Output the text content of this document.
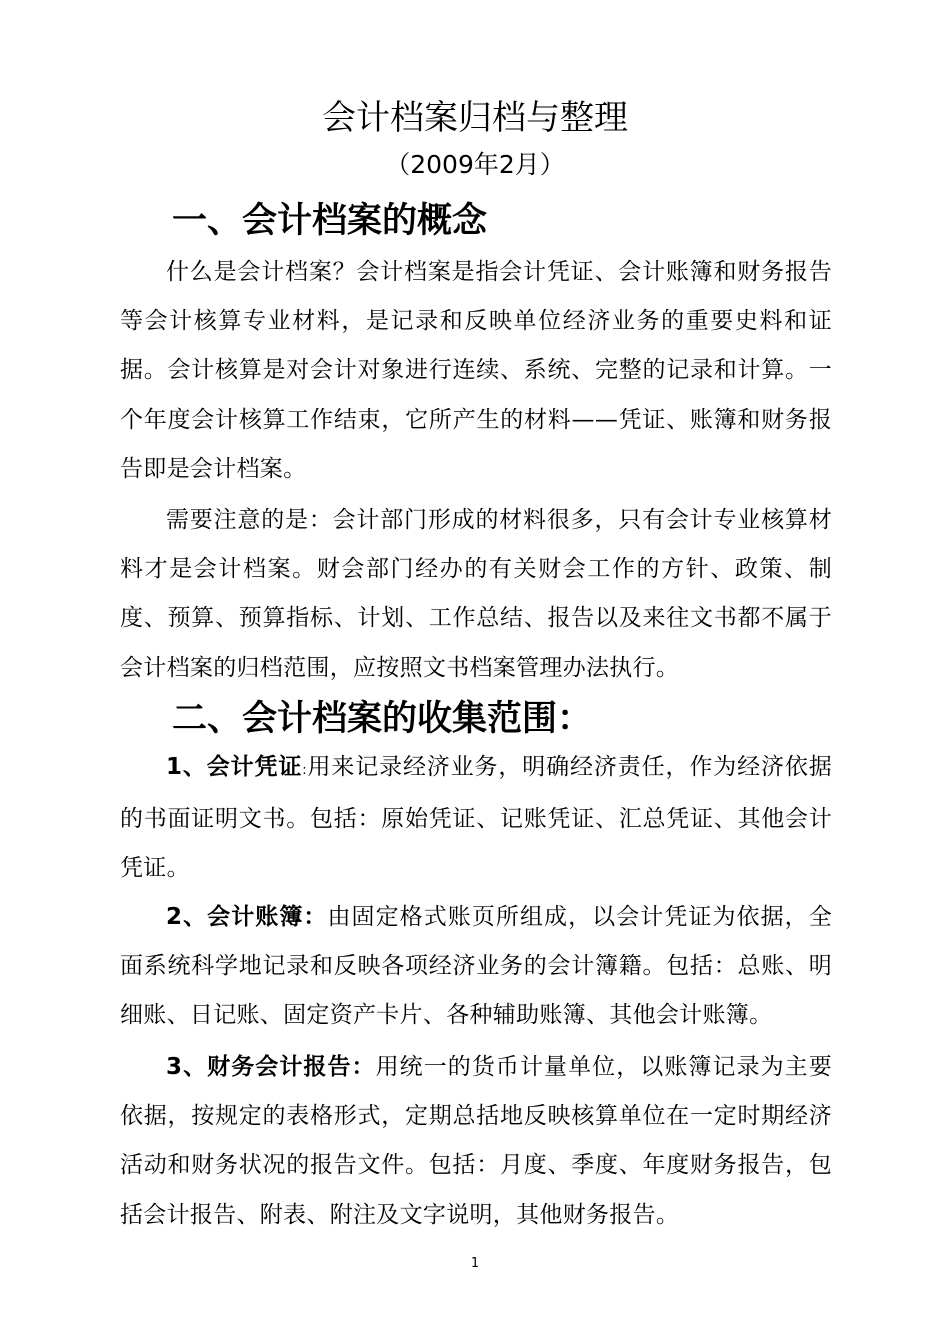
会计档案归档与整理
（2009年2月）
一、会计档案的概念

什么是会计档案？会计档案是指会计凭证、会计账簿和财务报告等会计核算专业材料，是记录和反映单位经济业务的重要史料和证据。会计核算是对会计对象进行连续、系统、完整的记录和计算。一个年度会计核算工作结束，它所产生的材料——凭证、账簿和财务报告即是会计档案。

需要注意的是：会计部门形成的材料很多，只有会计专业核算材料才是会计档案。财会部门经办的有关财会工作的方针、政策、制度、预算、预算指标、计划、工作总结、报告以及来往文书都不属于会计档案的归档范围，应按照文书档案管理办法执行。

二、会计档案的收集范围：

1、会计凭证:用来记录经济业务，明确经济责任，作为经济依据的书面证明文书。包括：原始凭证、记账凭证、汇总凭证、其他会计凭证。

2、会计账簿：由固定格式账页所组成，以会计凭证为依据，全面系统科学地记录和反映各项经济业务的会计簿籍。包括：总账、明细账、日记账、固定资产卡片、各种辅助账簿、其他会计账簿。

3、财务会计报告：用统一的货币计量单位，以账簿记录为主要依据，按规定的表格形式，定期总括地反映核算单位在一定时期经济活动和财务状况的报告文件。包括：月度、季度、年度财务报告，包括会计报告、附表、附注及文字说明，其他财务报告。

1
